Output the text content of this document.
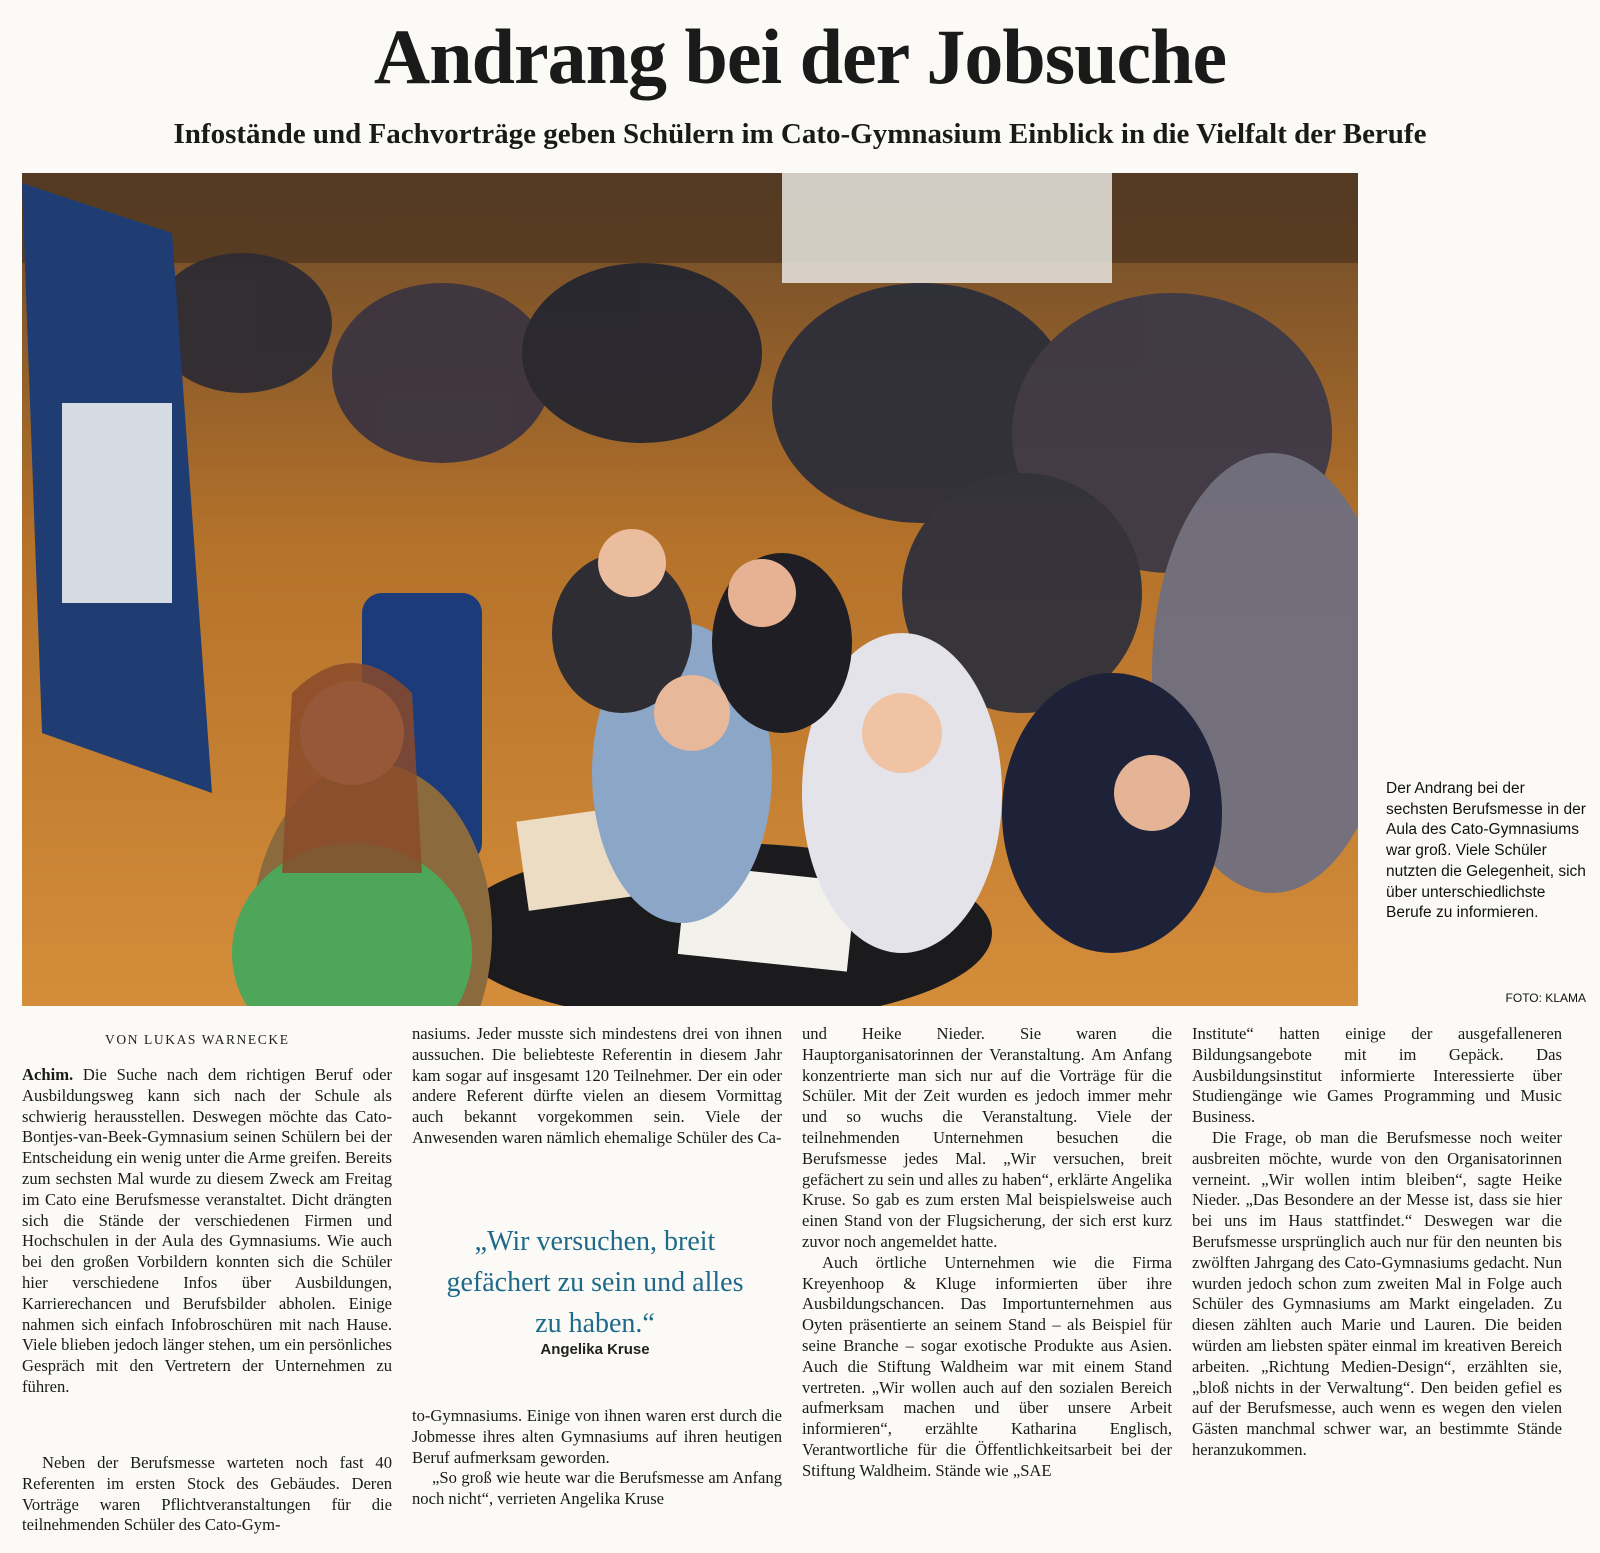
Andrang bei der Jobsuche
Infostände und Fachvorträge geben Schülern im Cato-Gymnasium Einblick in die Vielfalt der Berufe
Der Andrang bei der sechsten Berufsmesse in der Aula des Cato-Gymnasiums war groß. Viele Schüler nutzten die Gelegenheit, sich über unterschiedlichste Berufe zu informieren.
FOTO: KLAMA
VON LUKAS WARNECKE

Achim. Die Suche nach dem richtigen Beruf oder Ausbildungsweg kann sich nach der Schule als schwierig herausstellen. Deswegen möchte das Cato-Bontjes-van-Beek-Gymnasium seinen Schülern bei der Entscheidung ein wenig unter die Arme greifen. Bereits zum sechsten Mal wurde zu diesem Zweck am Freitag im Cato eine Berufsmesse veranstaltet. Dicht drängten sich die Stände der verschiedenen Firmen und Hochschulen in der Aula des Gymnasiums. Wie auch bei den großen Vorbildern konnten sich die Schüler hier verschiedene Infos über Ausbildungen, Karrierechancen und Berufsbilder abholen. Einige nahmen sich einfach Infobroschüren mit nach Hause. Viele blieben jedoch länger stehen, um ein persönliches Gespräch mit den Vertretern der Unternehmen zu führen.

Neben der Berufsmesse warteten noch fast 40 Referenten im ersten Stock des Gebäudes. Deren Vorträge waren Pflichtveranstaltungen für die teilnehmenden Schüler des Cato-Gym-

nasiums. Jeder musste sich mindestens drei von ihnen aussuchen. Die beliebteste Referentin in diesem Jahr kam sogar auf insgesamt 120 Teilnehmer. Der ein oder andere Referent dürfte vielen an diesem Vormittag auch bekannt vorgekommen sein. Viele der Anwesenden waren nämlich ehemalige Schüler des Ca-

„Wir versuchen, breit gefächert zu sein und alles zu haben.“
Angelika Kruse

to-Gymnasiums. Einige von ihnen waren erst durch die Jobmesse ihres alten Gymnasiums auf ihren heutigen Beruf aufmerksam geworden.

„So groß wie heute war die Berufsmesse am Anfang noch nicht“, verrieten Angelika Kruse

und Heike Nieder. Sie waren die Hauptorganisatorinnen der Veranstaltung. Am Anfang konzentrierte man sich nur auf die Vorträge für die Schüler. Mit der Zeit wurden es jedoch immer mehr und so wuchs die Veranstaltung. Viele der teilnehmenden Unternehmen besuchen die Berufsmesse jedes Mal. „Wir versuchen, breit gefächert zu sein und alles zu haben“, erklärte Angelika Kruse. So gab es zum ersten Mal beispielsweise auch einen Stand von der Flugsicherung, der sich erst kurz zuvor noch angemeldet hatte.

Auch örtliche Unternehmen wie die Firma Kreyenhoop & Kluge informierten über ihre Ausbildungschancen. Das Importunternehmen aus Oyten präsentierte an seinem Stand – als Beispiel für seine Branche – sogar exotische Produkte aus Asien. Auch die Stiftung Waldheim war mit einem Stand vertreten. „Wir wollen auch auf den sozialen Bereich aufmerksam machen und über unsere Arbeit informieren“, erzählte Katharina Englisch, Verantwortliche für die Öffentlichkeitsarbeit bei der Stiftung Waldheim. Stände wie „SAE

Institute“ hatten einige der ausgefalleneren Bildungsangebote mit im Gepäck. Das Ausbildungsinstitut informierte Interessierte über Studiengänge wie Games Programming und Music Business.

Die Frage, ob man die Berufsmesse noch weiter ausbreiten möchte, wurde von den Organisatorinnen verneint. „Wir wollen intim bleiben“, sagte Heike Nieder. „Das Besondere an der Messe ist, dass sie hier bei uns im Haus stattfindet.“ Deswegen war die Berufsmesse ursprünglich auch nur für den neunten bis zwölften Jahrgang des Cato-Gymnasiums gedacht. Nun wurden jedoch schon zum zweiten Mal in Folge auch Schüler des Gymnasiums am Markt eingeladen. Zu diesen zählten auch Marie und Lauren. Die beiden würden am liebsten später einmal im kreativen Bereich arbeiten. „Richtung Medien-Design“, erzählten sie, „bloß nichts in der Verwaltung“. Den beiden gefiel es auf der Berufsmesse, auch wenn es wegen den vielen Gästen manchmal schwer war, an bestimmte Stände heranzukommen.
